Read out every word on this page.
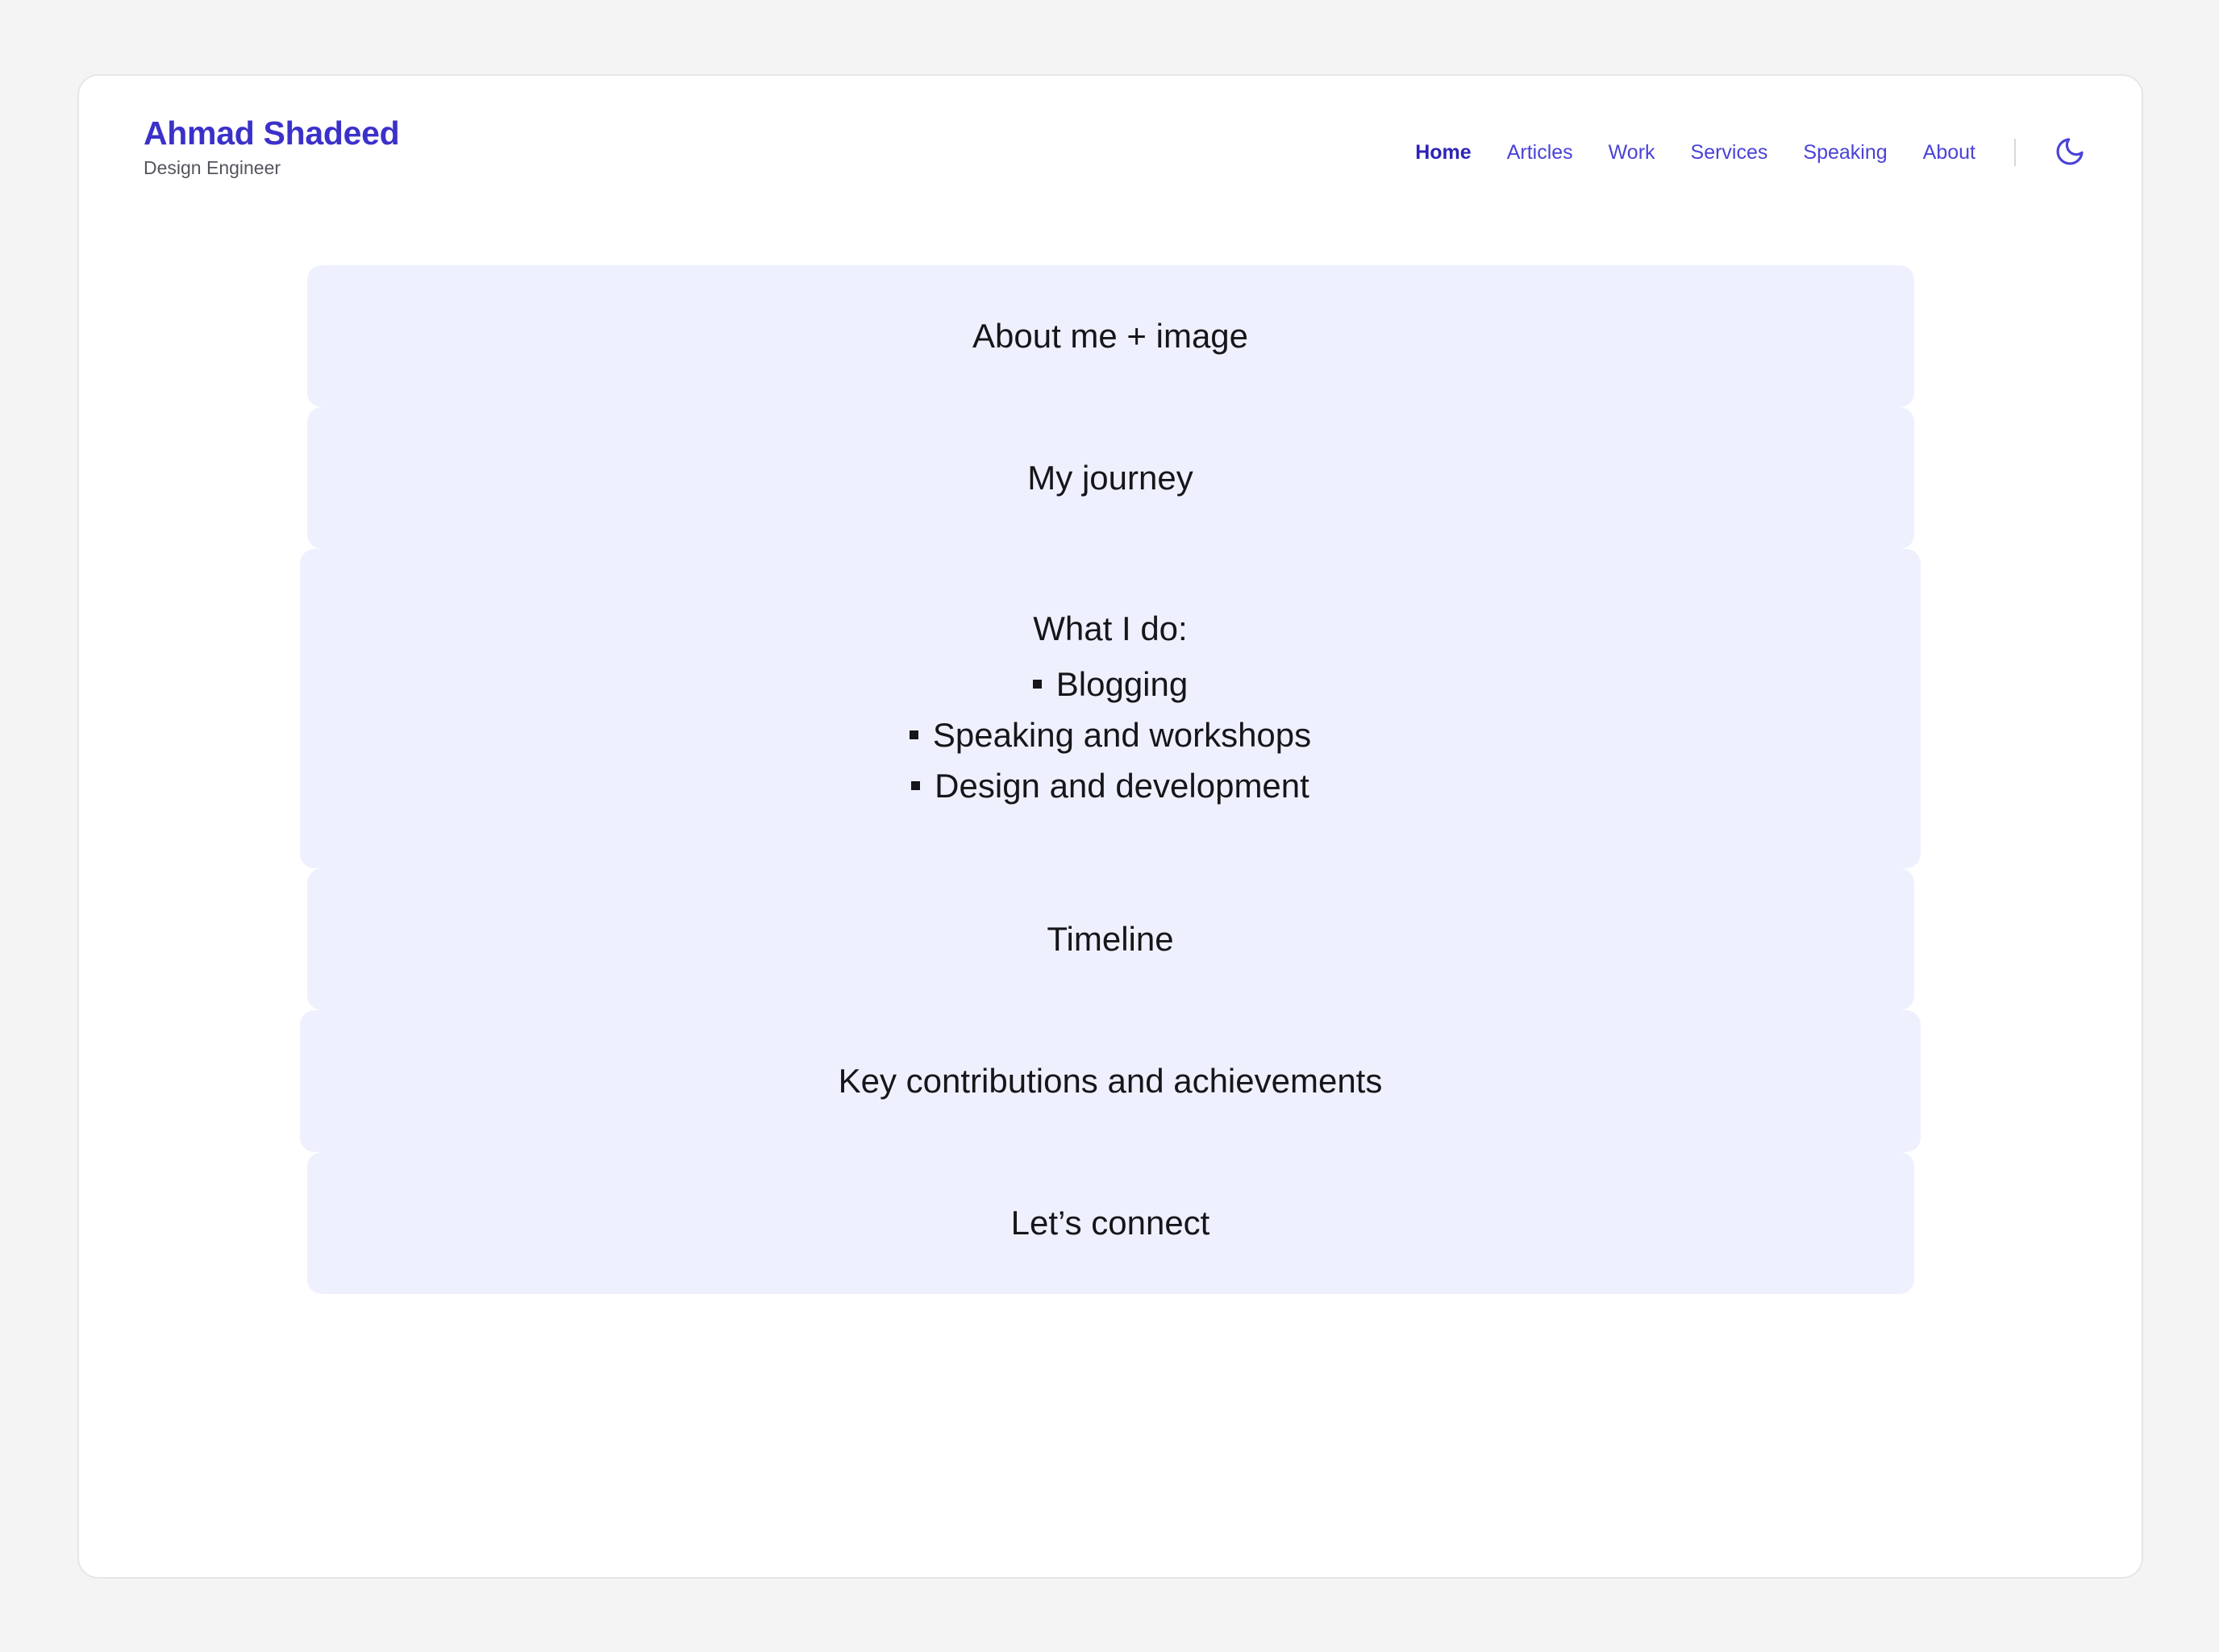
Ahmad Shadeed
Design Engineer
Home Articles Work Services Speaking About
About me + image
My journey
What I do:
Blogging
Speaking and workshops
Design and development
Timeline
Key contributions and achievements
Let’s connect
